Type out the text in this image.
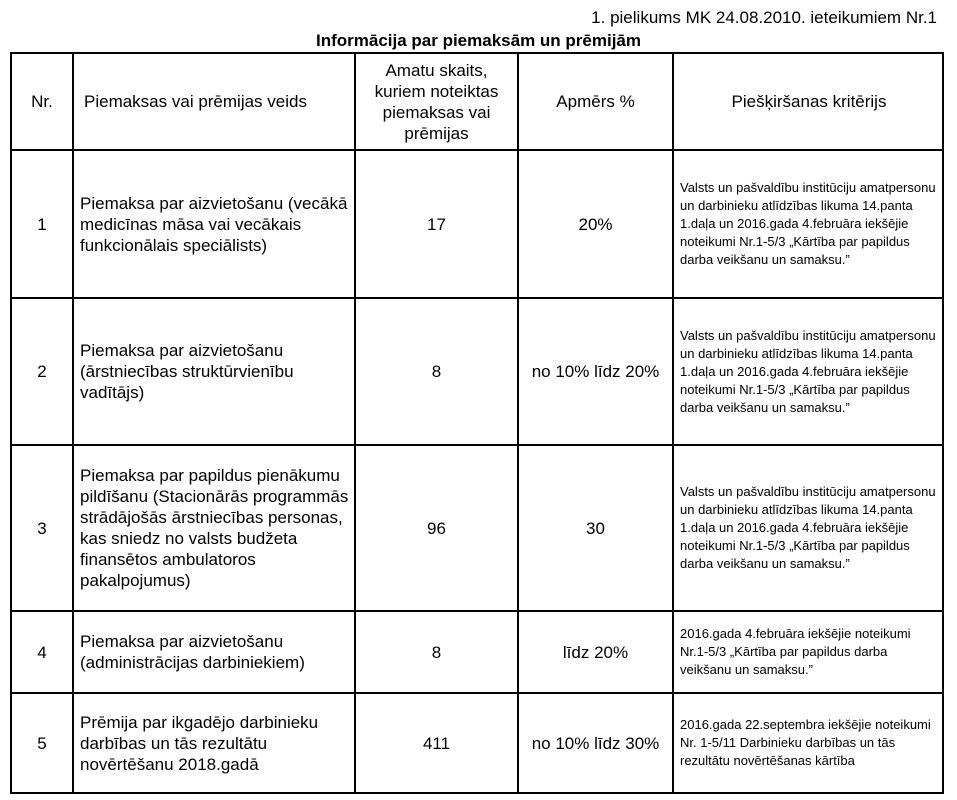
1. pielikums MK 24.08.2010. ieteikumiem Nr.1
Informācija par piemaksām un prēmijām
Nr.	Piemaksas vai prēmijas veids	Amatu skaits, kuriem noteiktas piemaksas vai prēmijas	Apmērs %	Piešķiršanas kritērijs
1	Piemaksa par aizvietošanu (vecākā medicīnas māsa vai vecākais funkcionālais speciālists)	17	20%	Valsts un pašvaldību institūciju amatpersonu un darbinieku atlīdzības likuma 14.panta 1.daļa un 2016.gada 4.februāra iekšējie noteikumi Nr.1-5/3 „Kārtība par papildus darba veikšanu un samaksu.”
2	Piemaksa par aizvietošanu (ārstniecības struktūrvienību vadītājs)	8	no 10% līdz 20%	Valsts un pašvaldību institūciju amatpersonu un darbinieku atlīdzības likuma 14.panta 1.daļa un 2016.gada 4.februāra iekšējie noteikumi Nr.1-5/3 „Kārtība par papildus darba veikšanu un samaksu.”
3	Piemaksa par papildus pienākumu pildīšanu (Stacionārās programmās strādājošās ārstniecības personas, kas sniedz no valsts budžeta finansētos ambulatoros pakalpojumus)	96	30	Valsts un pašvaldību institūciju amatpersonu un darbinieku atlīdzības likuma 14.panta 1.daļa un 2016.gada 4.februāra iekšējie noteikumi Nr.1-5/3 „Kārtība par papildus darba veikšanu un samaksu.”
4	Piemaksa par aizvietošanu (administrācijas darbiniekiem)	8	līdz 20%	2016.gada 4.februāra iekšējie noteikumi Nr.1-5/3 „Kārtība par papildus darba veikšanu un samaksu.”
5	Prēmija par ikgadējo darbinieku darbības un tās rezultātu novērtēšanu 2018.gadā	411	no 10% līdz 30%	2016.gada 22.septembra iekšējie noteikumi Nr. 1-5/11 Darbinieku darbības un tās rezultātu novērtēšanas kārtība
